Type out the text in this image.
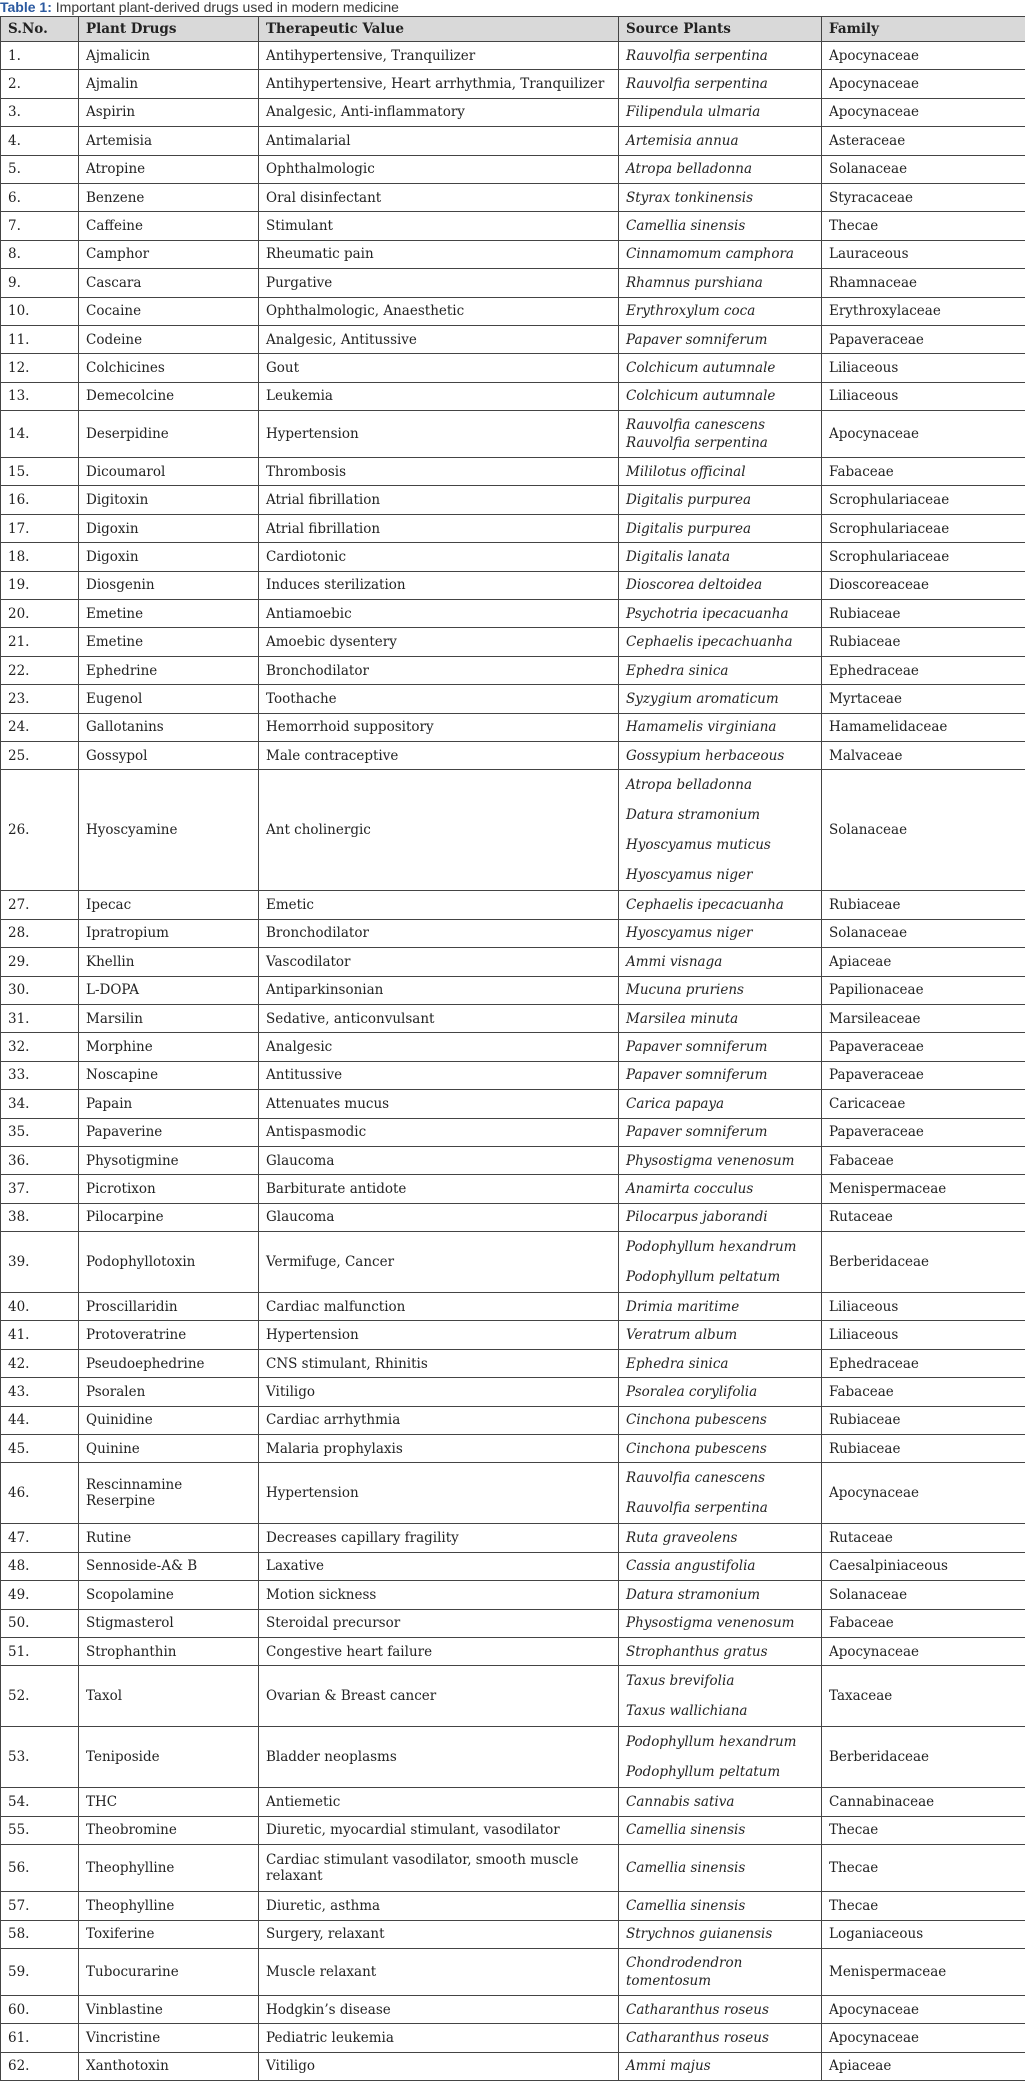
Table 1: Important plant-derived drugs used in modern medicine
S.No.	Plant Drugs	Therapeutic Value	Source Plants	Family
1.	Ajmalicin	Antihypertensive, Tranquilizer	Rauvolfia serpentina	Apocynaceae
2.	Ajmalin	Antihypertensive, Heart arrhythmia, Tranquilizer	Rauvolfia serpentina	Apocynaceae
3.	Aspirin	Analgesic, Anti-inflammatory	Filipendula ulmaria	Apocynaceae
4.	Artemisia	Antimalarial	Artemisia annua	Asteraceae
5.	Atropine	Ophthalmologic	Atropa belladonna	Solanaceae
6.	Benzene	Oral disinfectant	Styrax tonkinensis	Styracaceae
7.	Caffeine	Stimulant	Camellia sinensis	Thecae
8.	Camphor	Rheumatic pain	Cinnamomum camphora	Lauraceous
9.	Cascara	Purgative	Rhamnus purshiana	Rhamnaceae
10.	Cocaine	Ophthalmologic, Anaesthetic	Erythroxylum coca	Erythroxylaceae
11.	Codeine	Analgesic, Antitussive	Papaver somniferum	Papaveraceae
12.	Colchicines	Gout	Colchicum autumnale	Liliaceous
13.	Demecolcine	Leukemia	Colchicum autumnale	Liliaceous
14.	Deserpidine	Hypertension	Rauvolfia canescens
Rauvolfia serpentina	Apocynaceae
15.	Dicoumarol	Thrombosis	Mililotus officinal	Fabaceae
16.	Digitoxin	Atrial fibrillation	Digitalis purpurea	Scrophulariaceae
17.	Digoxin	Atrial fibrillation	Digitalis purpurea	Scrophulariaceae
18.	Digoxin	Cardiotonic	Digitalis lanata	Scrophulariaceae
19.	Diosgenin	Induces sterilization	Dioscorea deltoidea	Dioscoreaceae
20.	Emetine	Antiamoebic	Psychotria ipecacuanha	Rubiaceae
21.	Emetine	Amoebic dysentery	Cephaelis ipecachuanha	Rubiaceae
22.	Ephedrine	Bronchodilator	Ephedra sinica	Ephedraceae
23.	Eugenol	Toothache	Syzygium aromaticum	Myrtaceae
24.	Gallotanins	Hemorrhoid suppository	Hamamelis virginiana	Hamamelidaceae
25.	Gossypol	Male contraceptive	Gossypium herbaceous	Malvaceae
26.	Hyoscyamine	Ant cholinergic	Atropa belladonna
Datura stramonium
Hyoscyamus muticus
Hyoscyamus niger	Solanaceae
27.	Ipecac	Emetic	Cephaelis ipecacuanha	Rubiaceae
28.	Ipratropium	Bronchodilator	Hyoscyamus niger	Solanaceae
29.	Khellin	Vascodilator	Ammi visnaga	Apiaceae
30.	L-DOPA	Antiparkinsonian	Mucuna pruriens	Papilionaceae
31.	Marsilin	Sedative, anticonvulsant	Marsilea minuta	Marsileaceae
32.	Morphine	Analgesic	Papaver somniferum	Papaveraceae
33.	Noscapine	Antitussive	Papaver somniferum	Papaveraceae
34.	Papain	Attenuates mucus	Carica papaya	Caricaceae
35.	Papaverine	Antispasmodic	Papaver somniferum	Papaveraceae
36.	Physotigmine	Glaucoma	Physostigma venenosum	Fabaceae
37.	Picrotixon	Barbiturate antidote	Anamirta cocculus	Menispermaceae
38.	Pilocarpine	Glaucoma	Pilocarpus jaborandi	Rutaceae
39.	Podophyllotoxin	Vermifuge, Cancer	Podophyllum hexandrum
Podophyllum peltatum	Berberidaceae
40.	Proscillaridin	Cardiac malfunction	Drimia maritime	Liliaceous
41.	Protoveratrine	Hypertension	Veratrum album	Liliaceous
42.	Pseudoephedrine	CNS stimulant, Rhinitis	Ephedra sinica	Ephedraceae
43.	Psoralen	Vitiligo	Psoralea corylifolia	Fabaceae
44.	Quinidine	Cardiac arrhythmia	Cinchona pubescens	Rubiaceae
45.	Quinine	Malaria prophylaxis	Cinchona pubescens	Rubiaceae
46.	Rescinnamine
Reserpine	Hypertension	Rauvolfia canescens
Rauvolfia serpentina	Apocynaceae
47.	Rutine	Decreases capillary fragility	Ruta graveolens	Rutaceae
48.	Sennoside-A& B	Laxative	Cassia angustifolia	Caesalpiniaceous
49.	Scopolamine	Motion sickness	Datura stramonium	Solanaceae
50.	Stigmasterol	Steroidal precursor	Physostigma venenosum	Fabaceae
51.	Strophanthin	Congestive heart failure	Strophanthus gratus	Apocynaceae
52.	Taxol	Ovarian & Breast cancer	Taxus brevifolia
Taxus wallichiana	Taxaceae
53.	Teniposide	Bladder neoplasms	Podophyllum hexandrum
Podophyllum peltatum	Berberidaceae
54.	THC	Antiemetic	Cannabis sativa	Cannabinaceae
55.	Theobromine	Diuretic, myocardial stimulant, vasodilator	Camellia sinensis	Thecae
56.	Theophylline	Cardiac stimulant vasodilator, smooth muscle
relaxant	Camellia sinensis	Thecae
57.	Theophylline	Diuretic, asthma	Camellia sinensis	Thecae
58.	Toxiferine	Surgery, relaxant	Strychnos guianensis	Loganiaceous
59.	Tubocurarine	Muscle relaxant	Chondrodendron
tomentosum	Menispermaceae
60.	Vinblastine	Hodgkin’s disease	Catharanthus roseus	Apocynaceae
61.	Vincristine	Pediatric leukemia	Catharanthus roseus	Apocynaceae
62.	Xanthotoxin	Vitiligo	Ammi majus	Apiaceae
